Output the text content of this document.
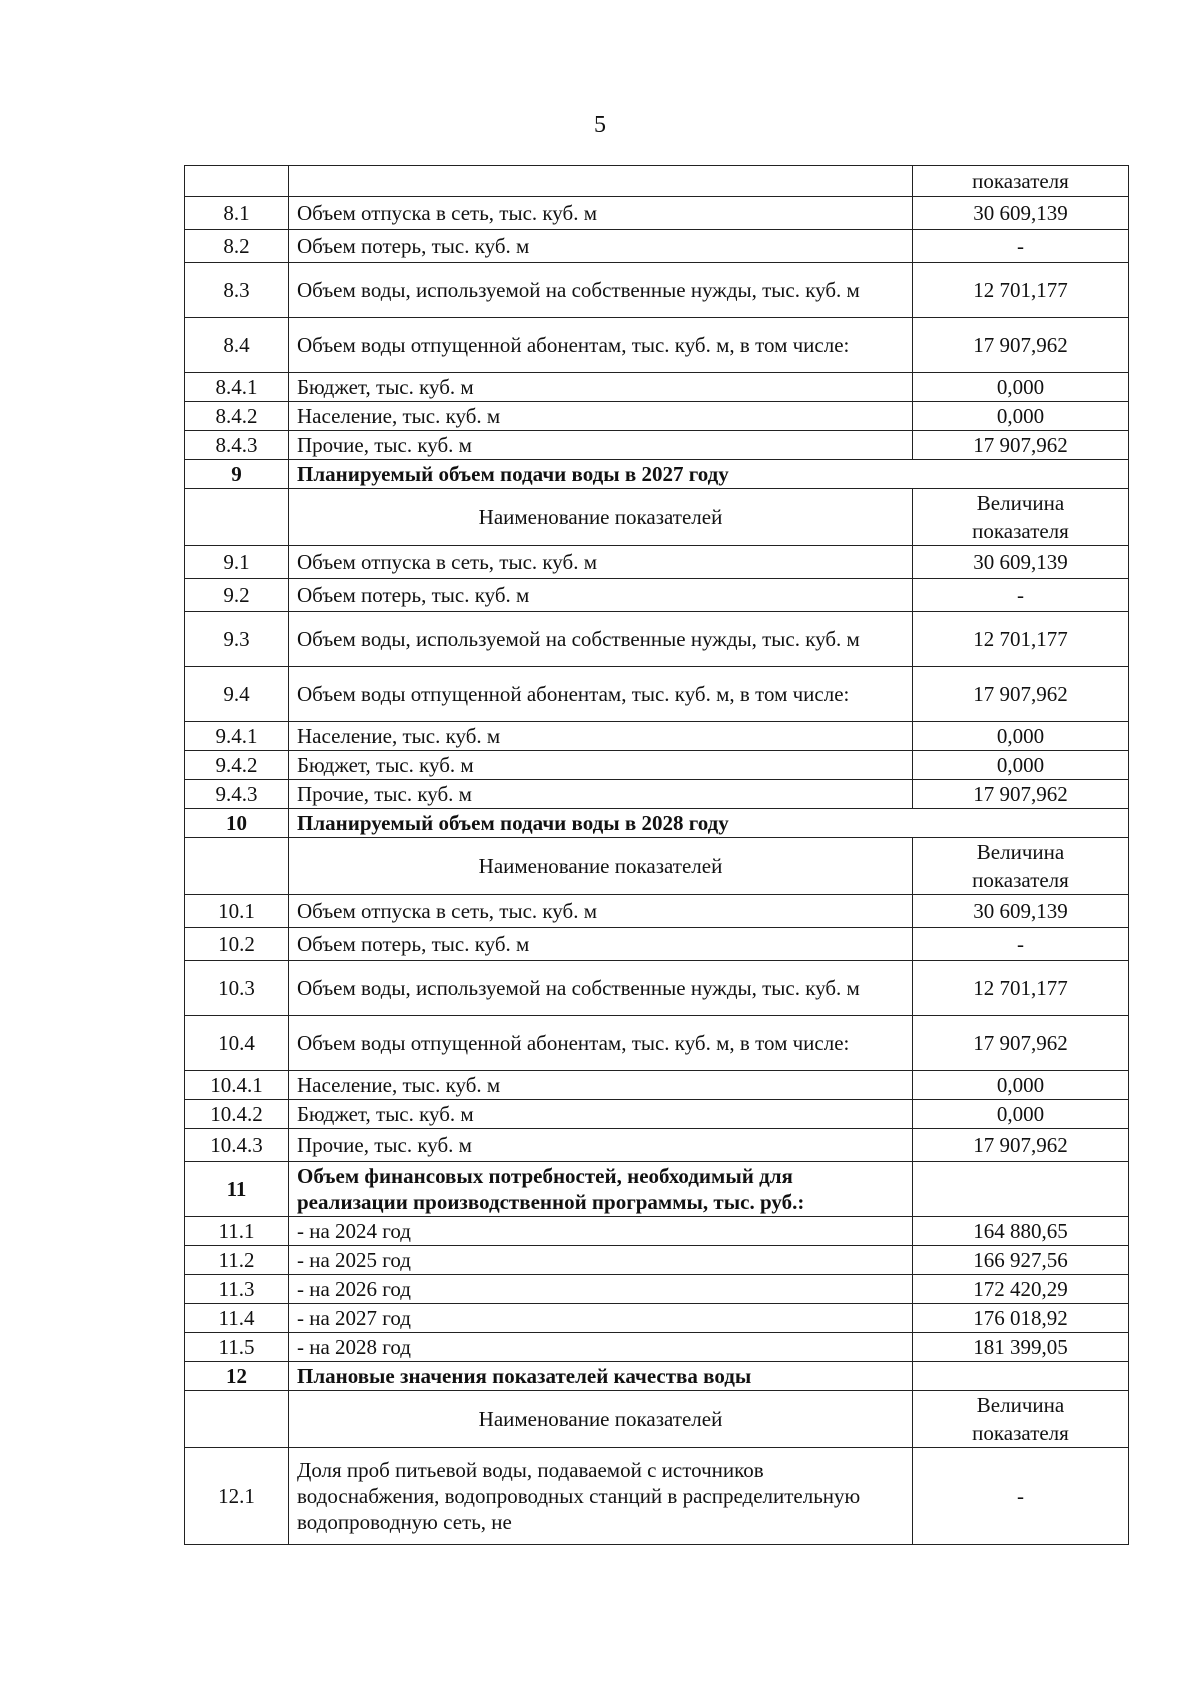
5
		показателя
8.1	Объем отпуска в сеть, тыс. куб. м	30 609,139
8.2	Объем потерь, тыс. куб. м	-
8.3	Объем воды, используемой на собственные нужды, тыс. куб. м	12 701,177
8.4	Объем воды отпущенной абонентам, тыс. куб. м, в том числе:	17 907,962
8.4.1	Бюджет, тыс. куб. м	0,000
8.4.2	Население, тыс. куб. м	0,000
8.4.3	Прочие, тыс. куб. м	17 907,962
9	Планируемый объем подачи воды в 2027 году	
	Наименование показателей	Величина
показателя
9.1	Объем отпуска в сеть, тыс. куб. м	30 609,139
9.2	Объем потерь, тыс. куб. м	-
9.3	Объем воды, используемой на собственные нужды, тыс. куб. м	12 701,177
9.4	Объем воды отпущенной абонентам, тыс. куб. м, в том числе:	17 907,962
9.4.1	Население, тыс. куб. м	0,000
9.4.2	Бюджет, тыс. куб. м	0,000
9.4.3	Прочие, тыс. куб. м	17 907,962
10	Планируемый объем подачи воды в 2028 году	
	Наименование показателей	Величина
показателя
10.1	Объем отпуска в сеть, тыс. куб. м	30 609,139
10.2	Объем потерь, тыс. куб. м	-
10.3	Объем воды, используемой на собственные нужды, тыс. куб. м	12 701,177
10.4	Объем воды отпущенной абонентам, тыс. куб. м, в том числе:	17 907,962
10.4.1	Население, тыс. куб. м	0,000
10.4.2	Бюджет, тыс. куб. м	0,000
10.4.3	Прочие, тыс. куб. м	17 907,962
11	Объем финансовых потребностей, необходимый для реализации производственной программы, тыс. руб.:	
11.1	- на 2024 год	164 880,65
11.2	- на 2025 год	166 927,56
11.3	- на 2026 год	172 420,29
11.4	- на 2027 год	176 018,92
11.5	- на 2028 год	181 399,05
12	Плановые значения показателей качества воды	
	Наименование показателей	Величина
показателя
12.1	Доля проб питьевой воды, подаваемой с источников водоснабжения, водопроводных станций в распределительную водопроводную сеть, не	-
